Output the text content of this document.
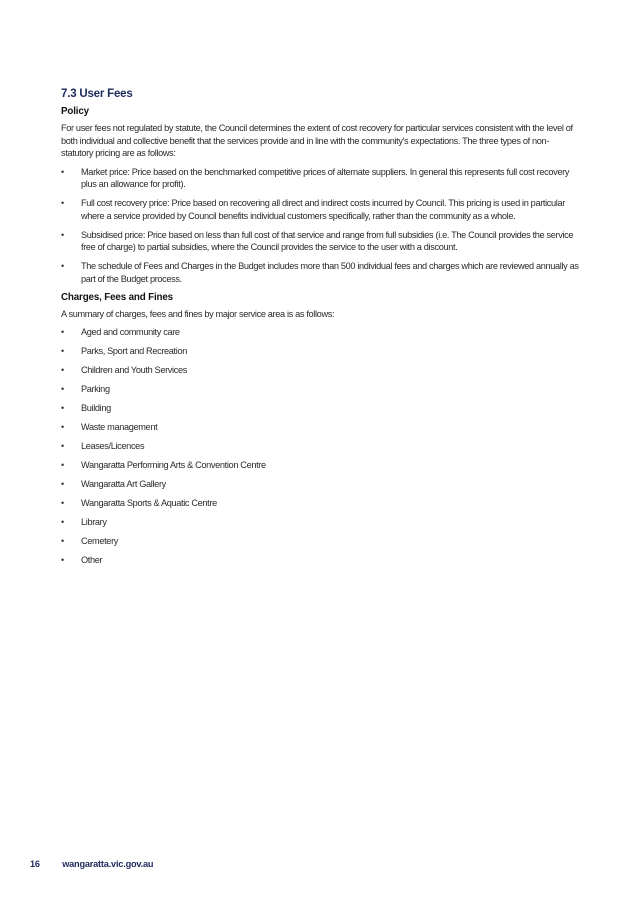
7.3 User Fees
Policy

For user fees not regulated by statute, the Council determines the extent of cost recovery for particular services consistent with the level of both individual and collective benefit that the services provide and in line with the community's expectations. The three types of non-statutory pricing are as follows:

• Market price: Price based on the benchmarked competitive prices of alternate suppliers. In general this represents full cost recovery plus an allowance for profit).
• Full cost recovery price: Price based on recovering all direct and indirect costs incurred by Council. This pricing is used in particular where a service provided by Council benefits individual customers specifically, rather than the community as a whole.
• Subsidised price: Price based on less than full cost of that service and range from full subsidies (i.e. The Council provides the service free of charge) to partial subsidies, where the Council provides the service to the user with a discount.
• The schedule of Fees and Charges in the Budget includes more than 500 individual fees and charges which are reviewed annually as part of the Budget process.
Charges, Fees and Fines

A summary of charges, fees and fines by major service area is as follows:

• Aged and community care
• Parks, Sport and Recreation
• Children and Youth Services
• Parking
• Building
• Waste management
• Leases/Licences
• Wangaratta Performing Arts & Convention Centre
• Wangaratta Art Gallery
• Wangaratta Sports & Aquatic Centre
• Library
• Cemetery
• Other
16 wangaratta.vic.gov.au
